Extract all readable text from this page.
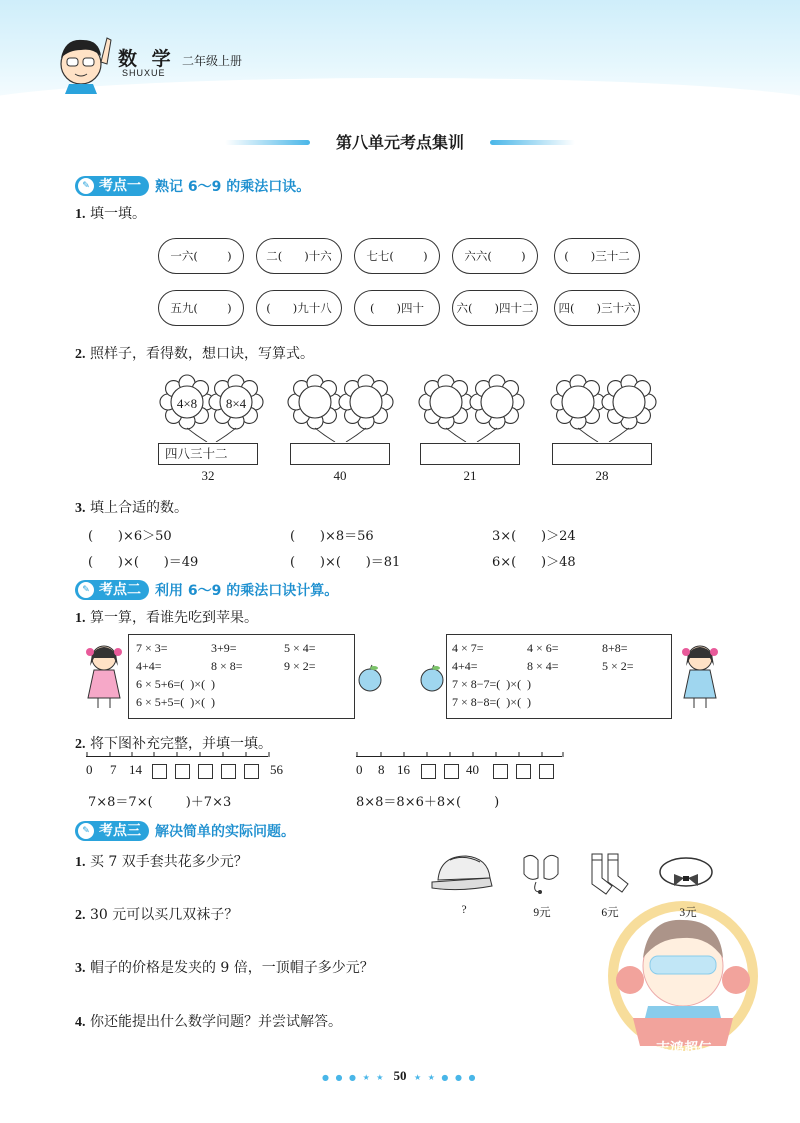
数 学
SHUXUE
二年级上册
第八单元考点集训
✎ 考点一	熟记 6～9 的乘法口诀。
1. 填一填。
一六(        )	二(      )十六	七七(        )	六六(        )	(      )三十二
五九(        )	(      )九十八	(      )四十	六(      )四十二	四(      )三十六
2. 照样子，看得数，想口诀，写算式。
4×8	8×4
四八三十二
32	40	21	28
3. 填上合适的数。
(      )×6＞50	(      )×8＝56	3×(      )＞24
(      )×(      )＝49	(      )×(      )＝81	6×(      )＞48
✎ 考点二	利用 6～9 的乘法口诀计算。
1. 算一算，看谁先吃到苹果。
7 × 3=	3+9=	5 × 4=
4+4=	8 × 8=	9 × 2=
6 × 5+6=(  )×(  )
6 × 5+5=(  )×(  )
4 × 7=	4 × 6=	8+8=
4+4=	8 × 4=	5 × 2=
7 × 8−7=(  )×(  )
7 × 8−8=(  )×(  )
2. 将下图补充完整，并填一填。
0 7 14	56
7×8＝7×(        )＋7×3
0 8 16	40
8×8＝8×6＋8×(        )
✎ 考点三	解决简单的实际问题。
1. 买 7 双手套共花多少元？
2. 30 元可以买几双袜子？
3. 帽子的价格是发夹的 9 倍，一顶帽子多少元？
4. 你还能提出什么数学问题？并尝试解答。
志鸿超仁
?	9元	6元	3元
● ● ● ★ ★	★ ★ ● ● ●
50
